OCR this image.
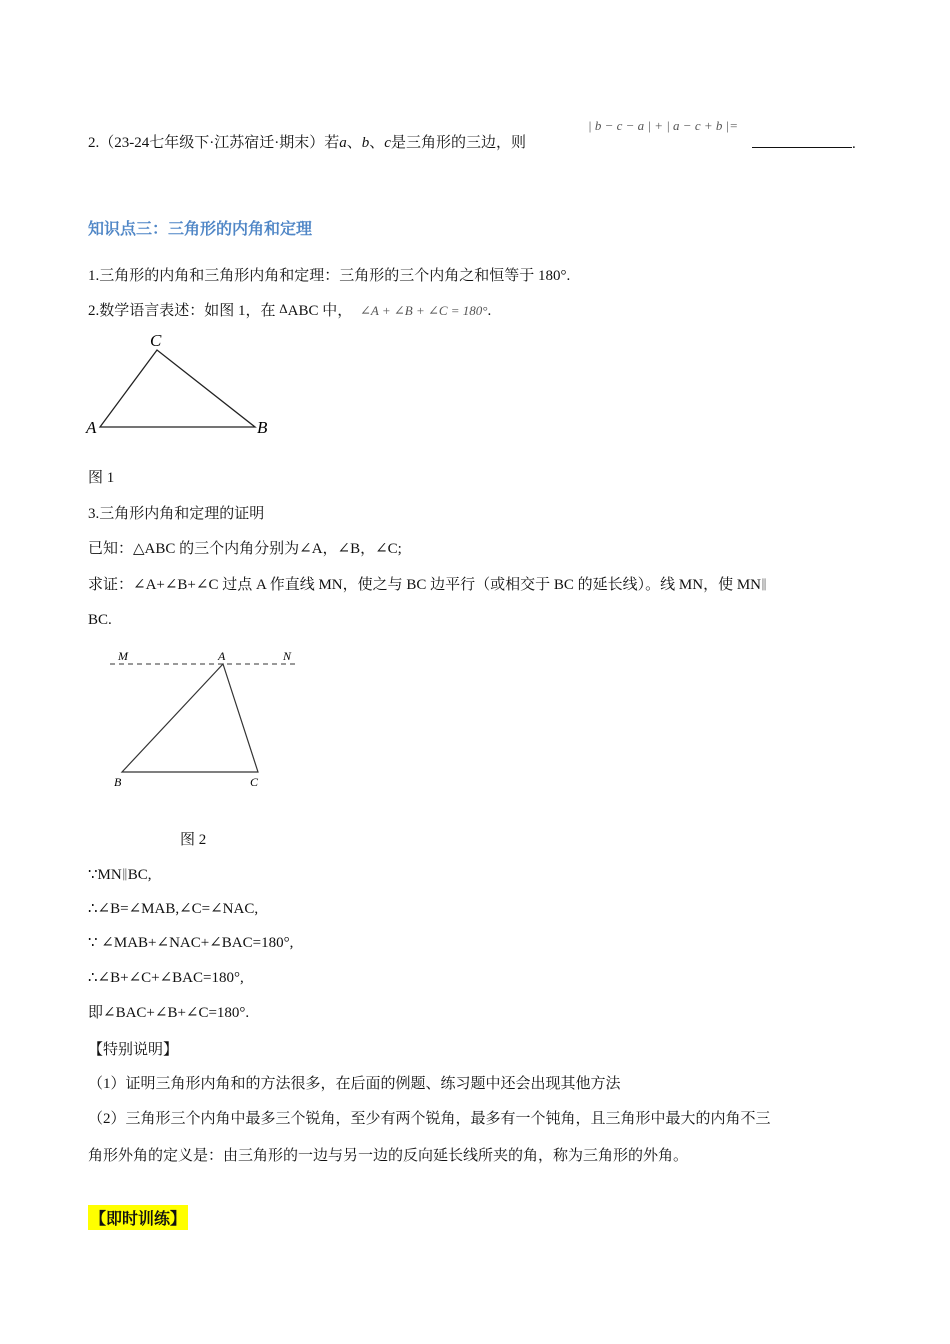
2.（23-24七年级下·江苏宿迁·期末）若a、b、c是三角形的三边，则
| b − c − a | + | a − c + b |=
.
知识点三：三角形的内角和定理
1.三角形的内角和三角形内角和定理：三角形的三个内角之和恒等于 180°.
2.数学语言表述：如图 1，在 ΔABC 中， ∠A + ∠B + ∠C = 180°.
C
A	B
图 1
3.三角形内角和定理的证明
已知：△ABC 的三个内角分别为∠A，∠B，∠C;
求证：∠A+∠B+∠C 过点 A 作直线 MN，使之与 BC 边平行（或相交于 BC 的延长线）。线 MN，使 MN∥
BC.
M	A	N
B	C
图 2
∵MN∥BC,
∴∠B=∠MAB,∠C=∠NAC,
∵ ∠MAB+∠NAC+∠BAC=180°,
∴∠B+∠C+∠BAC=180°,
即∠BAC+∠B+∠C=180°.
【特别说明】
（1）证明三角形内角和的方法很多，在后面的例题、练习题中还会出现其他方法
（2）三角形三个内角中最多三个锐角，至少有两个锐角，最多有一个钝角，且三角形中最大的内角不三
角形外角的定义是：由三角形的一边与另一边的反向延长线所夹的角，称为三角形的外角。
【即时训练】
